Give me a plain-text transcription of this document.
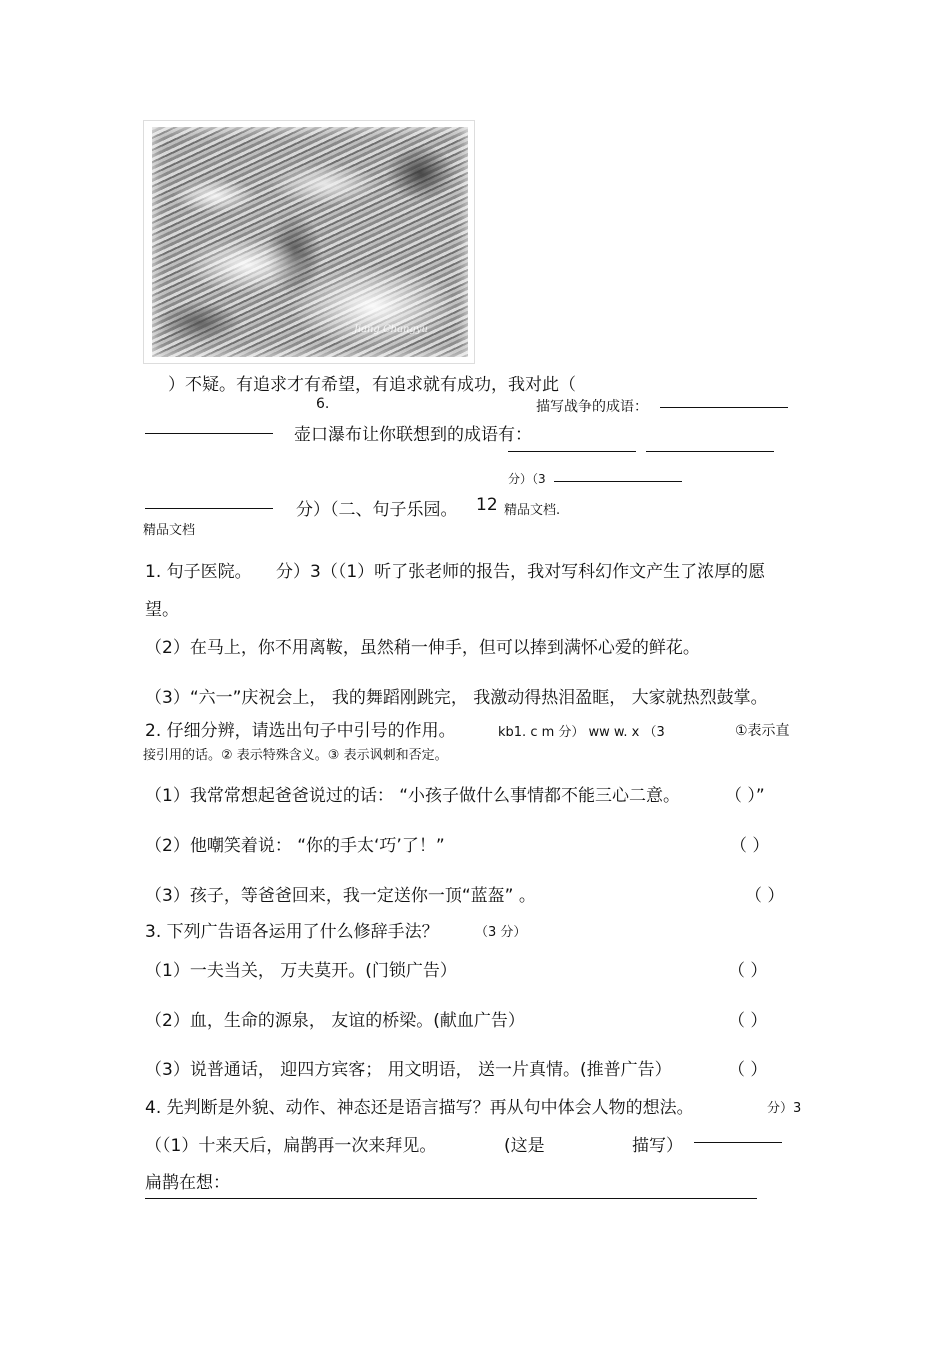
Jiang Changyu
）不疑。有追求才有希望，有追求就有成功，我对此（
6.	描写战争的成语：
壶口瀑布让你联想到的成语有：
分）（3
分）（二、句子乐园。 12 精品文档.
精品文档
1. 句子医院。 分）3（（1）听了张老师的报告，我对写科幻作文产生了浓厚的愿
望。
（2）在马上，你不用离鞍，虽然稍一伸手，但可以捧到满怀心爱的鲜花。
（3）“六一”庆祝会上， 我的舞蹈刚跳完， 我激动得热泪盈眶， 大家就热烈鼓掌。
2. 仔细分辨，请选出句子中引号的作用。	kb1. c m 分） ww w. x （3	①表示直
接引用的话。② 表示特殊含义。③ 表示讽刺和否定。
（1）我常常想起爸爸说过的话： “小孩子做什么事情都不能三心二意。	（ ）”
（2）他嘲笑着说： “你的手太‘巧’了！”	（ ）
（3）孩子，等爸爸回来，我一定送你一顶“蓝盔” 。	（ ）
3. 下列广告语各运用了什么修辞手法？	（3 分）
（1）一夫当关， 万夫莫开。(门锁广告）	（ ）
（2）血，生命的源泉， 友谊的桥梁。(献血广告）	（ ）
（3）说普通话， 迎四方宾客； 用文明语， 送一片真情。(推普广告）	（ ）
4. 先判断是外貌、动作、神态还是语言描写？再从句中体会人物的想法。	分）3
（（1）十来天后，扁鹊再一次来拜见。	(这是	描写）
扁鹊在想：
